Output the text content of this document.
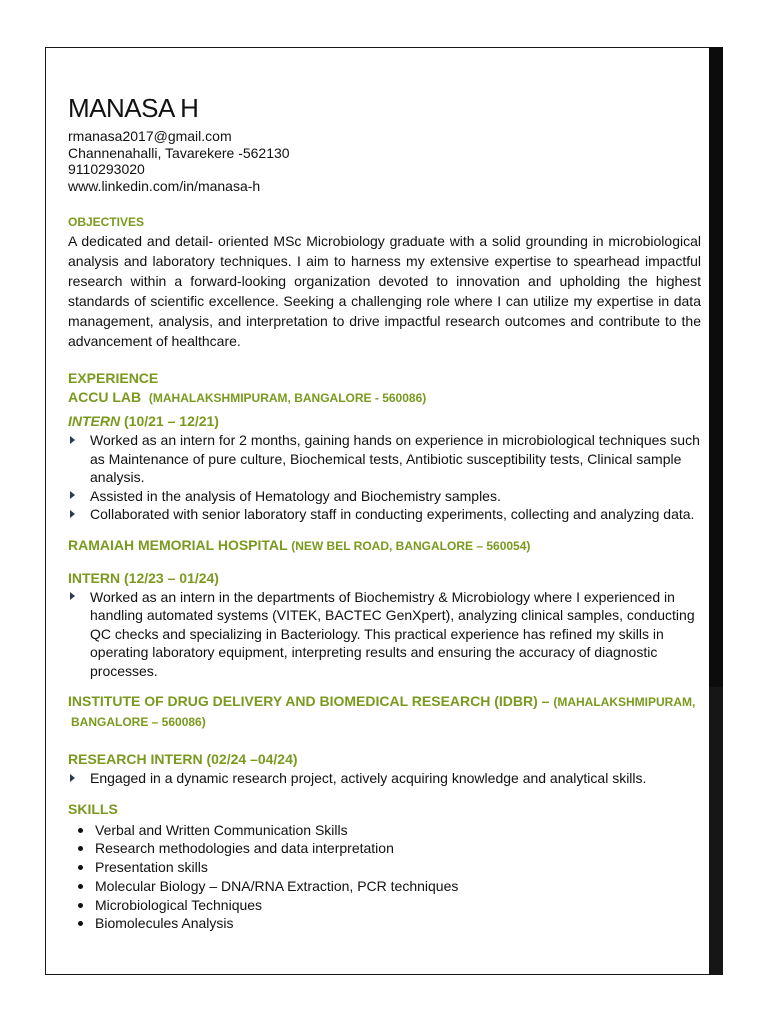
MANASA H

rmanasa2017@gmail.com

Channenahalli, Tavarekere -562130

9110293020

www.linkedin.com/in/manasa-h

OBJECTIVES

A dedicated and detail- oriented MSc Microbiology graduate with a solid grounding in microbiological analysis and laboratory techniques. I aim to harness my extensive expertise to spearhead impactful research within a forward-looking organization devoted to innovation and upholding the highest standards of scientific excellence. Seeking a challenging role where I can utilize my expertise in data management, analysis, and interpretation to drive impactful research outcomes and contribute to the advancement of healthcare.

EXPERIENCE
ACCU LAB (MAHALAKSHMIPURAM, BANGALORE - 560086)
INTERN (10/21 – 12/21)
Worked as an intern for 2 months, gaining hands on experience in microbiological techniques such as Maintenance of pure culture, Biochemical tests, Antibiotic susceptibility tests, Clinical sample analysis.
Assisted in the analysis of Hematology and Biochemistry samples.
Collaborated with senior laboratory staff in conducting experiments, collecting and analyzing data.
RAMAIAH MEMORIAL HOSPITAL (NEW BEL ROAD, BANGALORE – 560054)
INTERN (12/23 – 01/24)
Worked as an intern in the departments of Biochemistry & Microbiology where I experienced in handling automated systems (VITEK, BACTEC GenXpert), analyzing clinical samples, conducting QC checks and specializing in Bacteriology. This practical experience has refined my skills in operating laboratory equipment, interpreting results and ensuring the accuracy of diagnostic processes.
INSTITUTE OF DRUG DELIVERY AND BIOMEDICAL RESEARCH (IDBR) – (MAHALAKSHMIPURAM,
BANGALORE – 560086)
RESEARCH INTERN (02/24 –04/24)
Engaged in a dynamic research project, actively acquiring knowledge and analytical skills.
SKILLS
Verbal and Written Communication Skills
Research methodologies and data interpretation
Presentation skills
Molecular Biology – DNA/RNA Extraction, PCR techniques
Microbiological Techniques
Biomolecules Analysis
